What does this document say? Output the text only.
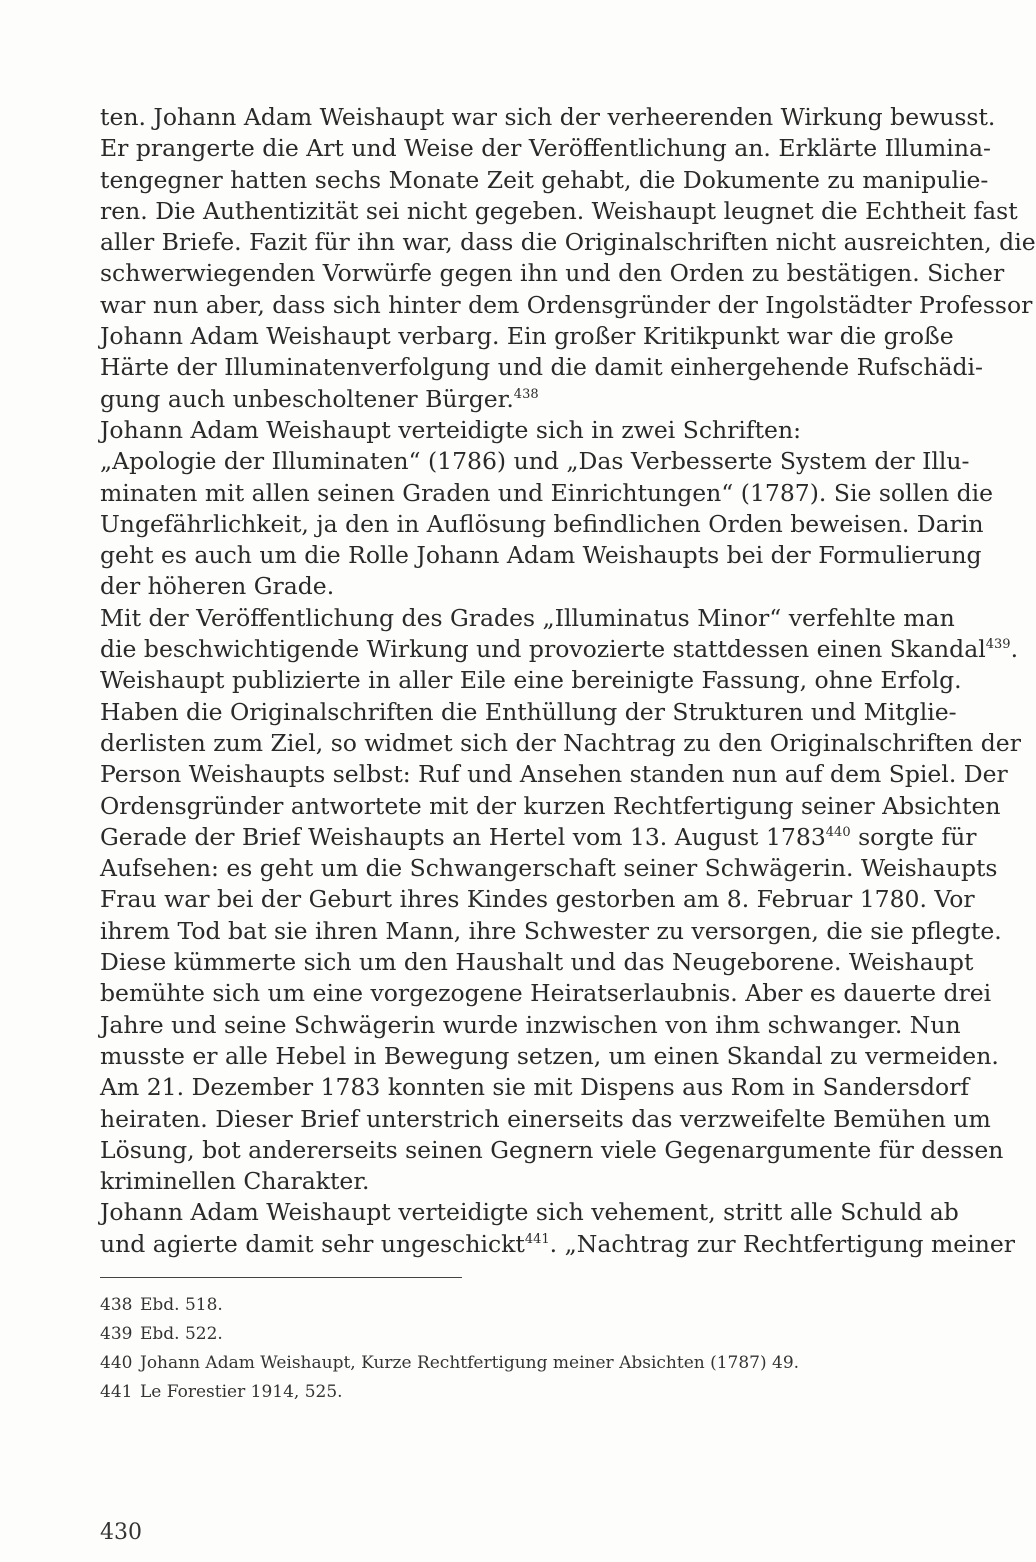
ten. Johann Adam Weishaupt war sich der verheerenden Wirkung bewusst.
Er prangerte die Art und Weise der Veröffentlichung an. Erklärte Illumina-
tengegner hatten sechs Monate Zeit gehabt, die Dokumente zu manipulie-
ren. Die Authentizität sei nicht gegeben. Weishaupt leugnet die Echtheit fast
aller Briefe. Fazit für ihn war, dass die Originalschriften nicht ausreichten, die
schwerwiegenden Vorwürfe gegen ihn und den Orden zu bestätigen. Sicher
war nun aber, dass sich hinter dem Ordensgründer der Ingolstädter Professor
Johann Adam Weishaupt verbarg. Ein großer Kritikpunkt war die große
Härte der Illuminatenverfolgung und die damit einhergehende Rufschädi-
gung auch unbescholtener Bürger.$^{438}$
Johann Adam Weishaupt verteidigte sich in zwei Schriften:
„Apologie der Illuminaten“ (1786) und „Das Verbesserte System der Illu-
minaten mit allen seinen Graden und Einrichtungen“ (1787). Sie sollen die
Ungefährlichkeit, ja den in Auflösung befindlichen Orden beweisen. Darin
geht es auch um die Rolle Johann Adam Weishaupts bei der Formulierung
der höheren Grade.
Mit der Veröffentlichung des Grades „Illuminatus Minor“ verfehlte man
die beschwichtigende Wirkung und provozierte stattdessen einen Skandal$^{439}$.
Weishaupt publizierte in aller Eile eine bereinigte Fassung, ohne Erfolg.
Haben die Originalschriften die Enthüllung der Strukturen und Mitglie-
derlisten zum Ziel, so widmet sich der Nachtrag zu den Originalschriften der
Person Weishaupts selbst: Ruf und Ansehen standen nun auf dem Spiel. Der
Ordensgründer antwortete mit der kurzen Rechtfertigung seiner Absichten
Gerade der Brief Weishaupts an Hertel vom 13. August 1783$^{440}$ sorgte für
Aufsehen: es geht um die Schwangerschaft seiner Schwägerin. Weishaupts
Frau war bei der Geburt ihres Kindes gestorben am 8. Februar 1780. Vor
ihrem Tod bat sie ihren Mann, ihre Schwester zu versorgen, die sie pflegte.
Diese kümmerte sich um den Haushalt und das Neugeborene. Weishaupt
bemühte sich um eine vorgezogene Heiratserlaubnis. Aber es dauerte drei
Jahre und seine Schwägerin wurde inzwischen von ihm schwanger. Nun
musste er alle Hebel in Bewegung setzen, um einen Skandal zu vermeiden.
Am 21. Dezember 1783 konnten sie mit Dispens aus Rom in Sandersdorf
heiraten. Dieser Brief unterstrich einerseits das verzweifelte Bemühen um
Lösung, bot andererseits seinen Gegnern viele Gegenargumente für dessen
kriminellen Charakter.
Johann Adam Weishaupt verteidigte sich vehement, stritt alle Schuld ab
und agierte damit sehr ungeschickt$^{441}$. „Nachtrag zur Rechtfertigung meiner
438 Ebd. 518.
439 Ebd. 522.
440 Johann Adam Weishaupt, Kurze Rechtfertigung meiner Absichten (1787) 49.
441 Le Forestier 1914, 525.
430
